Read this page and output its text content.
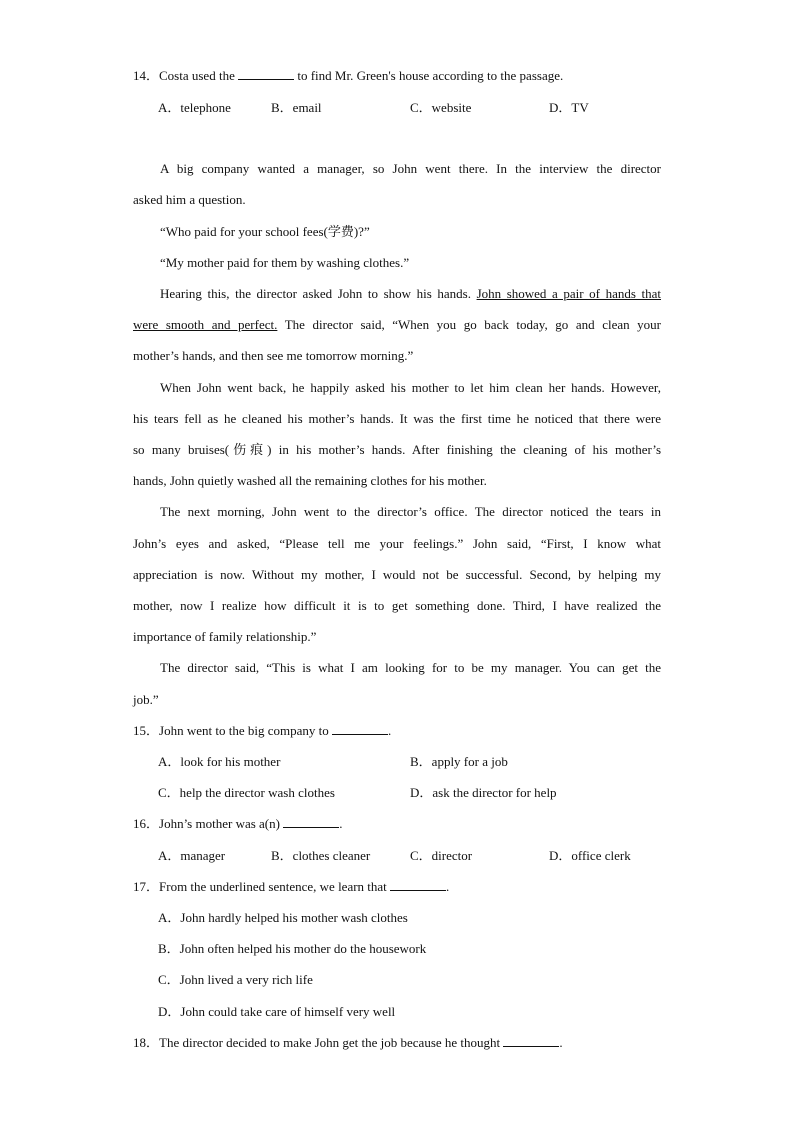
14．Costa used the	to find Mr. Green's house according to the passage.
A．telephone	B．email	C．website	D．TV
A big company wanted a manager, so John went there. In the interview the director
asked him a question.
“Who paid for your school fees(学费)?”
“My mother paid for them by washing clothes.”
Hearing this, the director asked John to show his hands. John showed a pair of hands that
were smooth and perfect. The director said, “When you go back today, go and clean your
mother’s hands, and then see me tomorrow morning.”
When John went back, he happily asked his mother to let him clean her hands. However,
his tears fell as he cleaned his mother’s hands. It was the first time he noticed that there were
so many bruises(伤痕) in his mother’s hands. After finishing the cleaning of his mother’s
hands, John quietly washed all the remaining clothes for his mother.
The next morning, John went to the director’s office. The director noticed the tears in
John’s eyes and asked, “Please tell me your feelings.” John said, “First, I know what
appreciation is now. Without my mother, I would not be successful. Second, by helping my
mother, now I realize how difficult it is to get something done. Third, I have realized the
importance of family relationship.”
The director said, “This is what I am looking for to be my manager. You can get the
job.”
15．John went to the big company to	.
A．look for his mother	B．apply for a job
C．help the director wash clothes	D．ask the director for help
16．John’s mother was a(n)	.
A．manager	B．clothes cleaner	C．director	D．office clerk
17．From the underlined sentence, we learn that	.
A．John hardly helped his mother wash clothes
B．John often helped his mother do the housework
C．John lived a very rich life
D．John could take care of himself very well
18．The director decided to make John get the job because he thought	.
